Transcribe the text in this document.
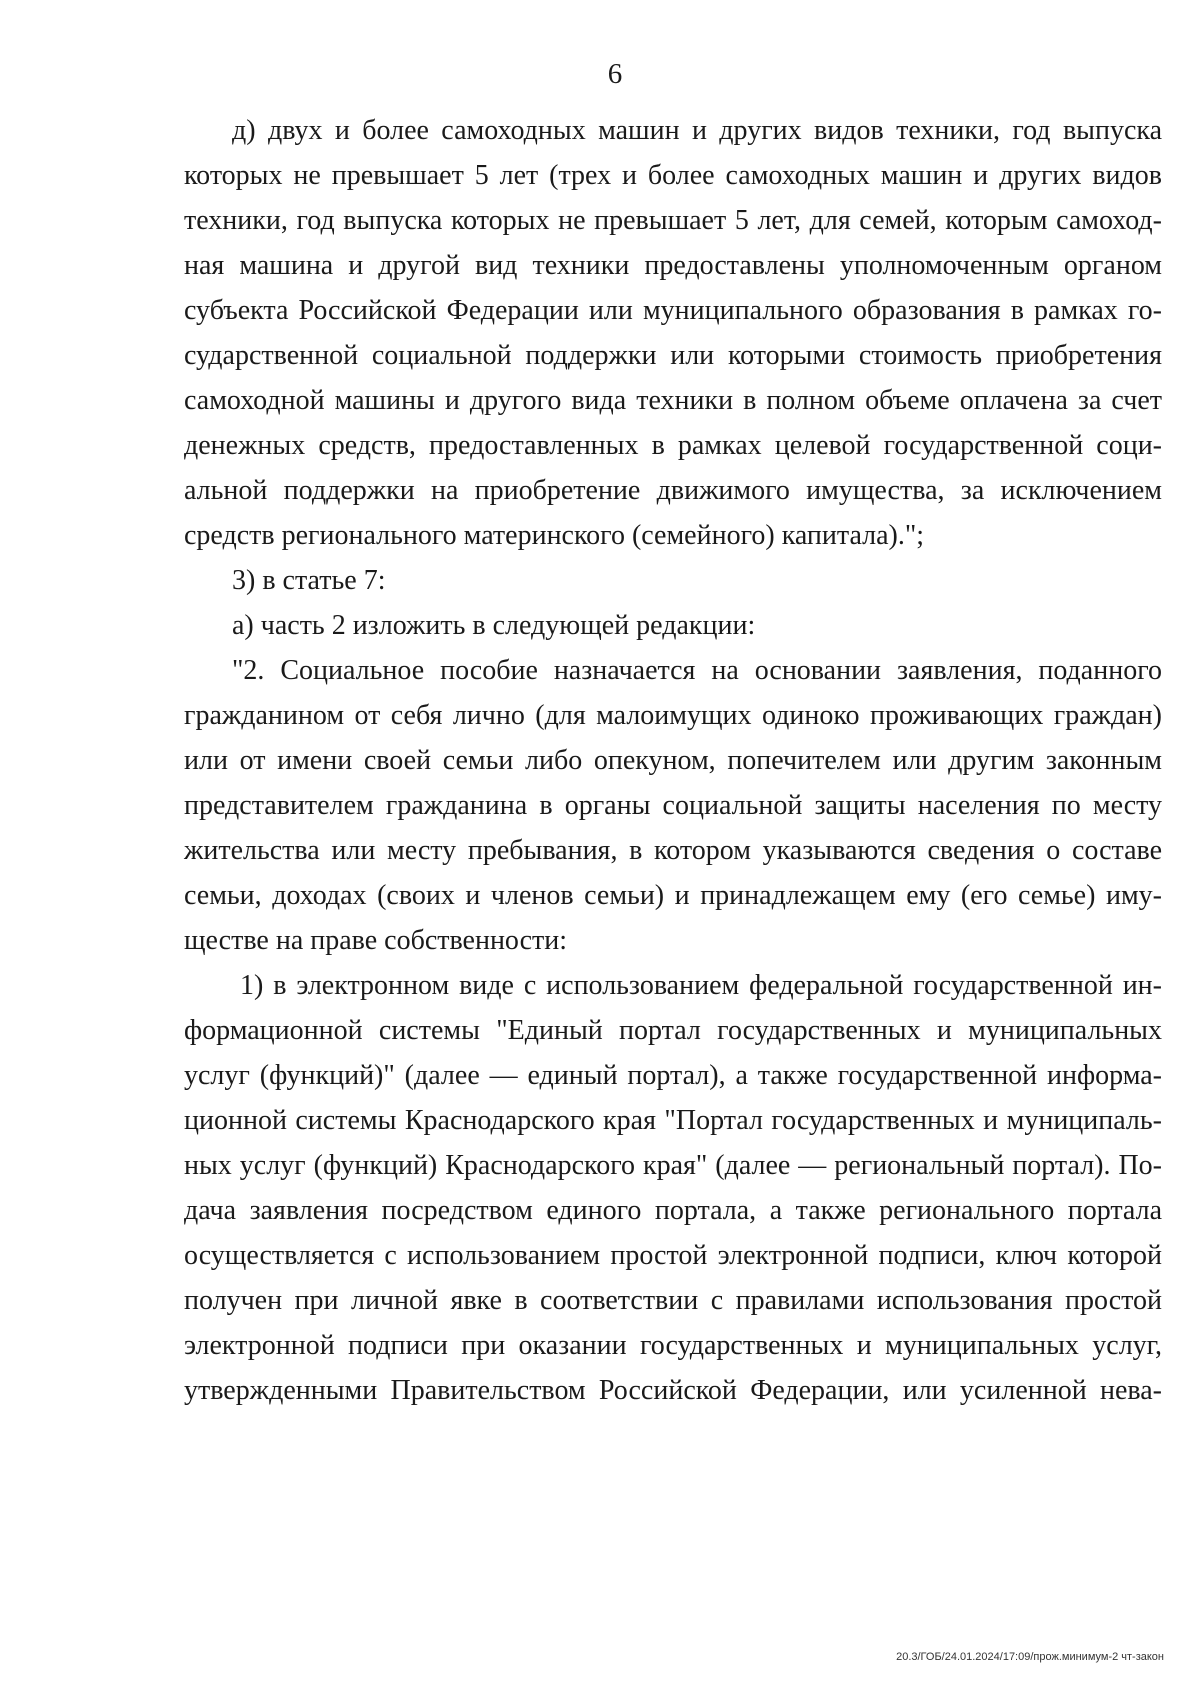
6
д) двух и более самоходных машин и других видов техники, год выпуска
которых не превышает 5 лет (трех и более самоходных машин и других видов
техники, год выпуска которых не превышает 5 лет, для семей, которым самоход-
ная машина и другой вид техники предоставлены уполномоченным органом
субъекта Российской Федерации или муниципального образования в рамках го-
сударственной социальной поддержки или которыми стоимость приобретения
самоходной машины и другого вида техники в полном объеме оплачена за счет
денежных средств, предоставленных в рамках целевой государственной соци-
альной поддержки на приобретение движимого имущества, за исключением
средств регионального материнского (семейного) капитала).";
3) в статье 7:
а) часть 2 изложить в следующей редакции:
"2. Социальное пособие назначается на основании заявления, поданного
гражданином от себя лично (для малоимущих одиноко проживающих граждан)
или от имени своей семьи либо опекуном, попечителем или другим законным
представителем гражданина в органы социальной защиты населения по месту
жительства или месту пребывания, в котором указываются сведения о составе
семьи, доходах (своих и членов семьи) и принадлежащем ему (его семье) иму-
ществе на праве собственности:
1) в электронном виде с использованием федеральной государственной ин-
формационной системы "Единый портал государственных и муниципальных
услуг (функций)" (далее — единый портал), а также государственной информа-
ционной системы Краснодарского края "Портал государственных и муниципаль-
ных услуг (функций) Краснодарского края" (далее — региональный портал). По-
дача заявления посредством единого портала, а также регионального портала
осуществляется с использованием простой электронной подписи, ключ которой
получен при личной явке в соответствии с правилами использования простой
электронной подписи при оказании государственных и муниципальных услуг,
утвержденными Правительством Российской Федерации, или усиленной нева-
20.3/ГОБ/24.01.2024/17:09/прож.минимум-2 чт-закон
